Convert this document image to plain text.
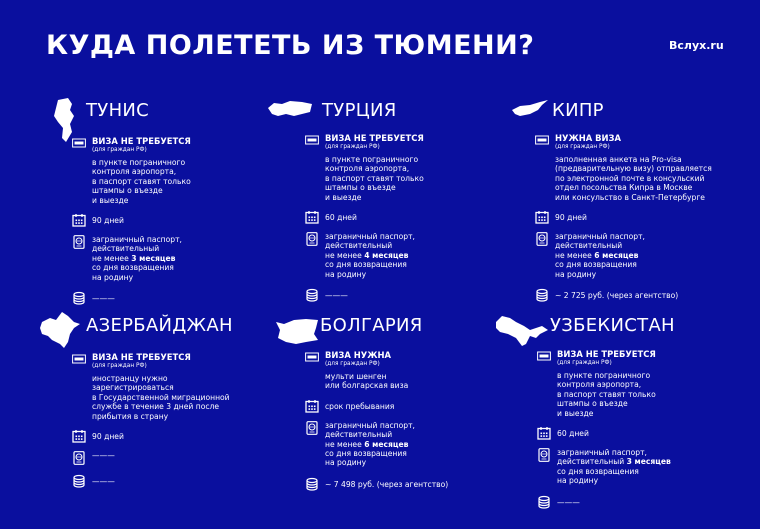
КУДА ПОЛЕТЕТЬ ИЗ ТЮМЕНИ?	Вслух.ru
ТУНИС
ВИЗА НЕ ТРЕБУЕТСЯ
(для граждан РФ)
в пункте пограничного
контроля аэропорта,
в паспорт ставят только
штампы о въезде
и выезде
90 дней
заграничный паспорт,
действительный
не менее 3 месяцев
со дня возвращения
на родину
———
ТУРЦИЯ
ВИЗА НЕ ТРЕБУЕТСЯ
(для граждан РФ)
в пункте пограничного
контроля аэропорта,
в паспорт ставят только
штампы о въезде
и выезде
60 дней
заграничный паспорт,
действительный
не менее 4 месяцев
со дня возвращения
на родину
———
КИПР
НУЖНА ВИЗА
(для граждан РФ)
заполненная анкета на Pro-visa
(предварительную визу) отправляется
по электронной почте в консульский
отдел посольства Кипра в Москве
или консульство в Санкт-Петербурге
90 дней
заграничный паспорт,
действительный
не менее 6 месяцев
со дня возвращения
на родину
~ 2 725 руб. (через агентство)
АЗЕРБАЙДЖАН
ВИЗА НЕ ТРЕБУЕТСЯ
(для граждан РФ)
иностранцу нужно
зарегистрироваться
в Государственной миграционной
службе в течение 3 дней после
прибытия в страну
90 дней
———
———
БОЛГАРИЯ
ВИЗА НУЖНА
(для граждан РФ)
мульти шенген
или болгарская виза
срок пребывания
заграничный паспорт,
действительный
не менее 6 месяцев
со дня возвращения
на родину
~ 7 498 руб. (через агентство)
УЗБЕКИСТАН
ВИЗА НЕ ТРЕБУЕТСЯ
(для граждан РФ)
в пункте пограничного
контроля аэропорта,
в паспорт ставят только
штампы о въезде
и выезде
60 дней
заграничный паспорт,
действительный 3 месяцев
со дня возвращения
на родину
———
